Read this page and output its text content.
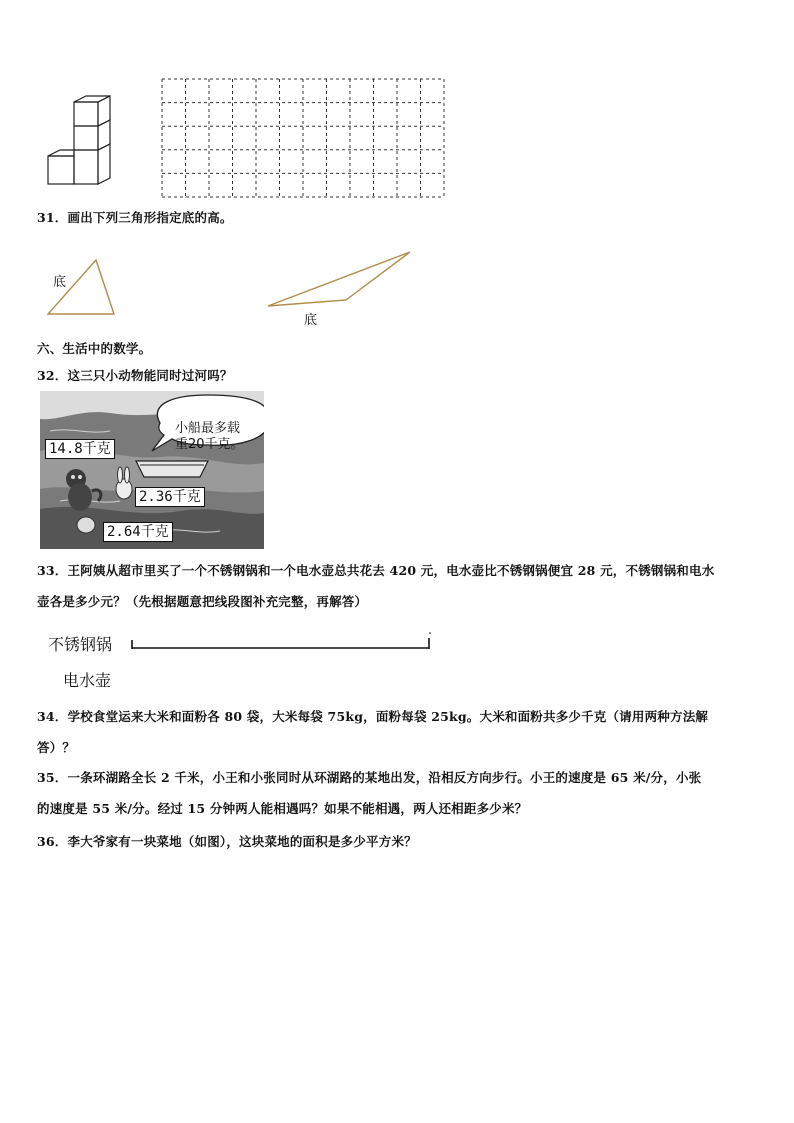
31．画出下列三角形指定底的高。
底
底
六、生活中的数学。
32．这三只小动物能同时过河吗？
小船最多载
重20千克。
14.8千克
2.36千克
2.64千克
33．王阿姨从超市里买了一个不锈钢锅和一个电水壶总共花去 420 元，电水壶比不锈钢锅便宜 28 元，不锈钢锅和电水
壶各是多少元？（先根据题意把线段图补充完整，再解答）
不锈钢锅
电水壶
34．学校食堂运来大米和面粉各 80 袋，大米每袋 75kg，面粉每袋 25kg。大米和面粉共多少千克（请用两种方法解
答）？
35．一条环湖路全长 2 千米，小王和小张同时从环湖路的某地出发，沿相反方向步行。小王的速度是 65 米/分，小张
的速度是 55 米/分。经过 15 分钟两人能相遇吗？如果不能相遇，两人还相距多少米？
36．李大爷家有一块菜地（如图），这块菜地的面积是多少平方米？
